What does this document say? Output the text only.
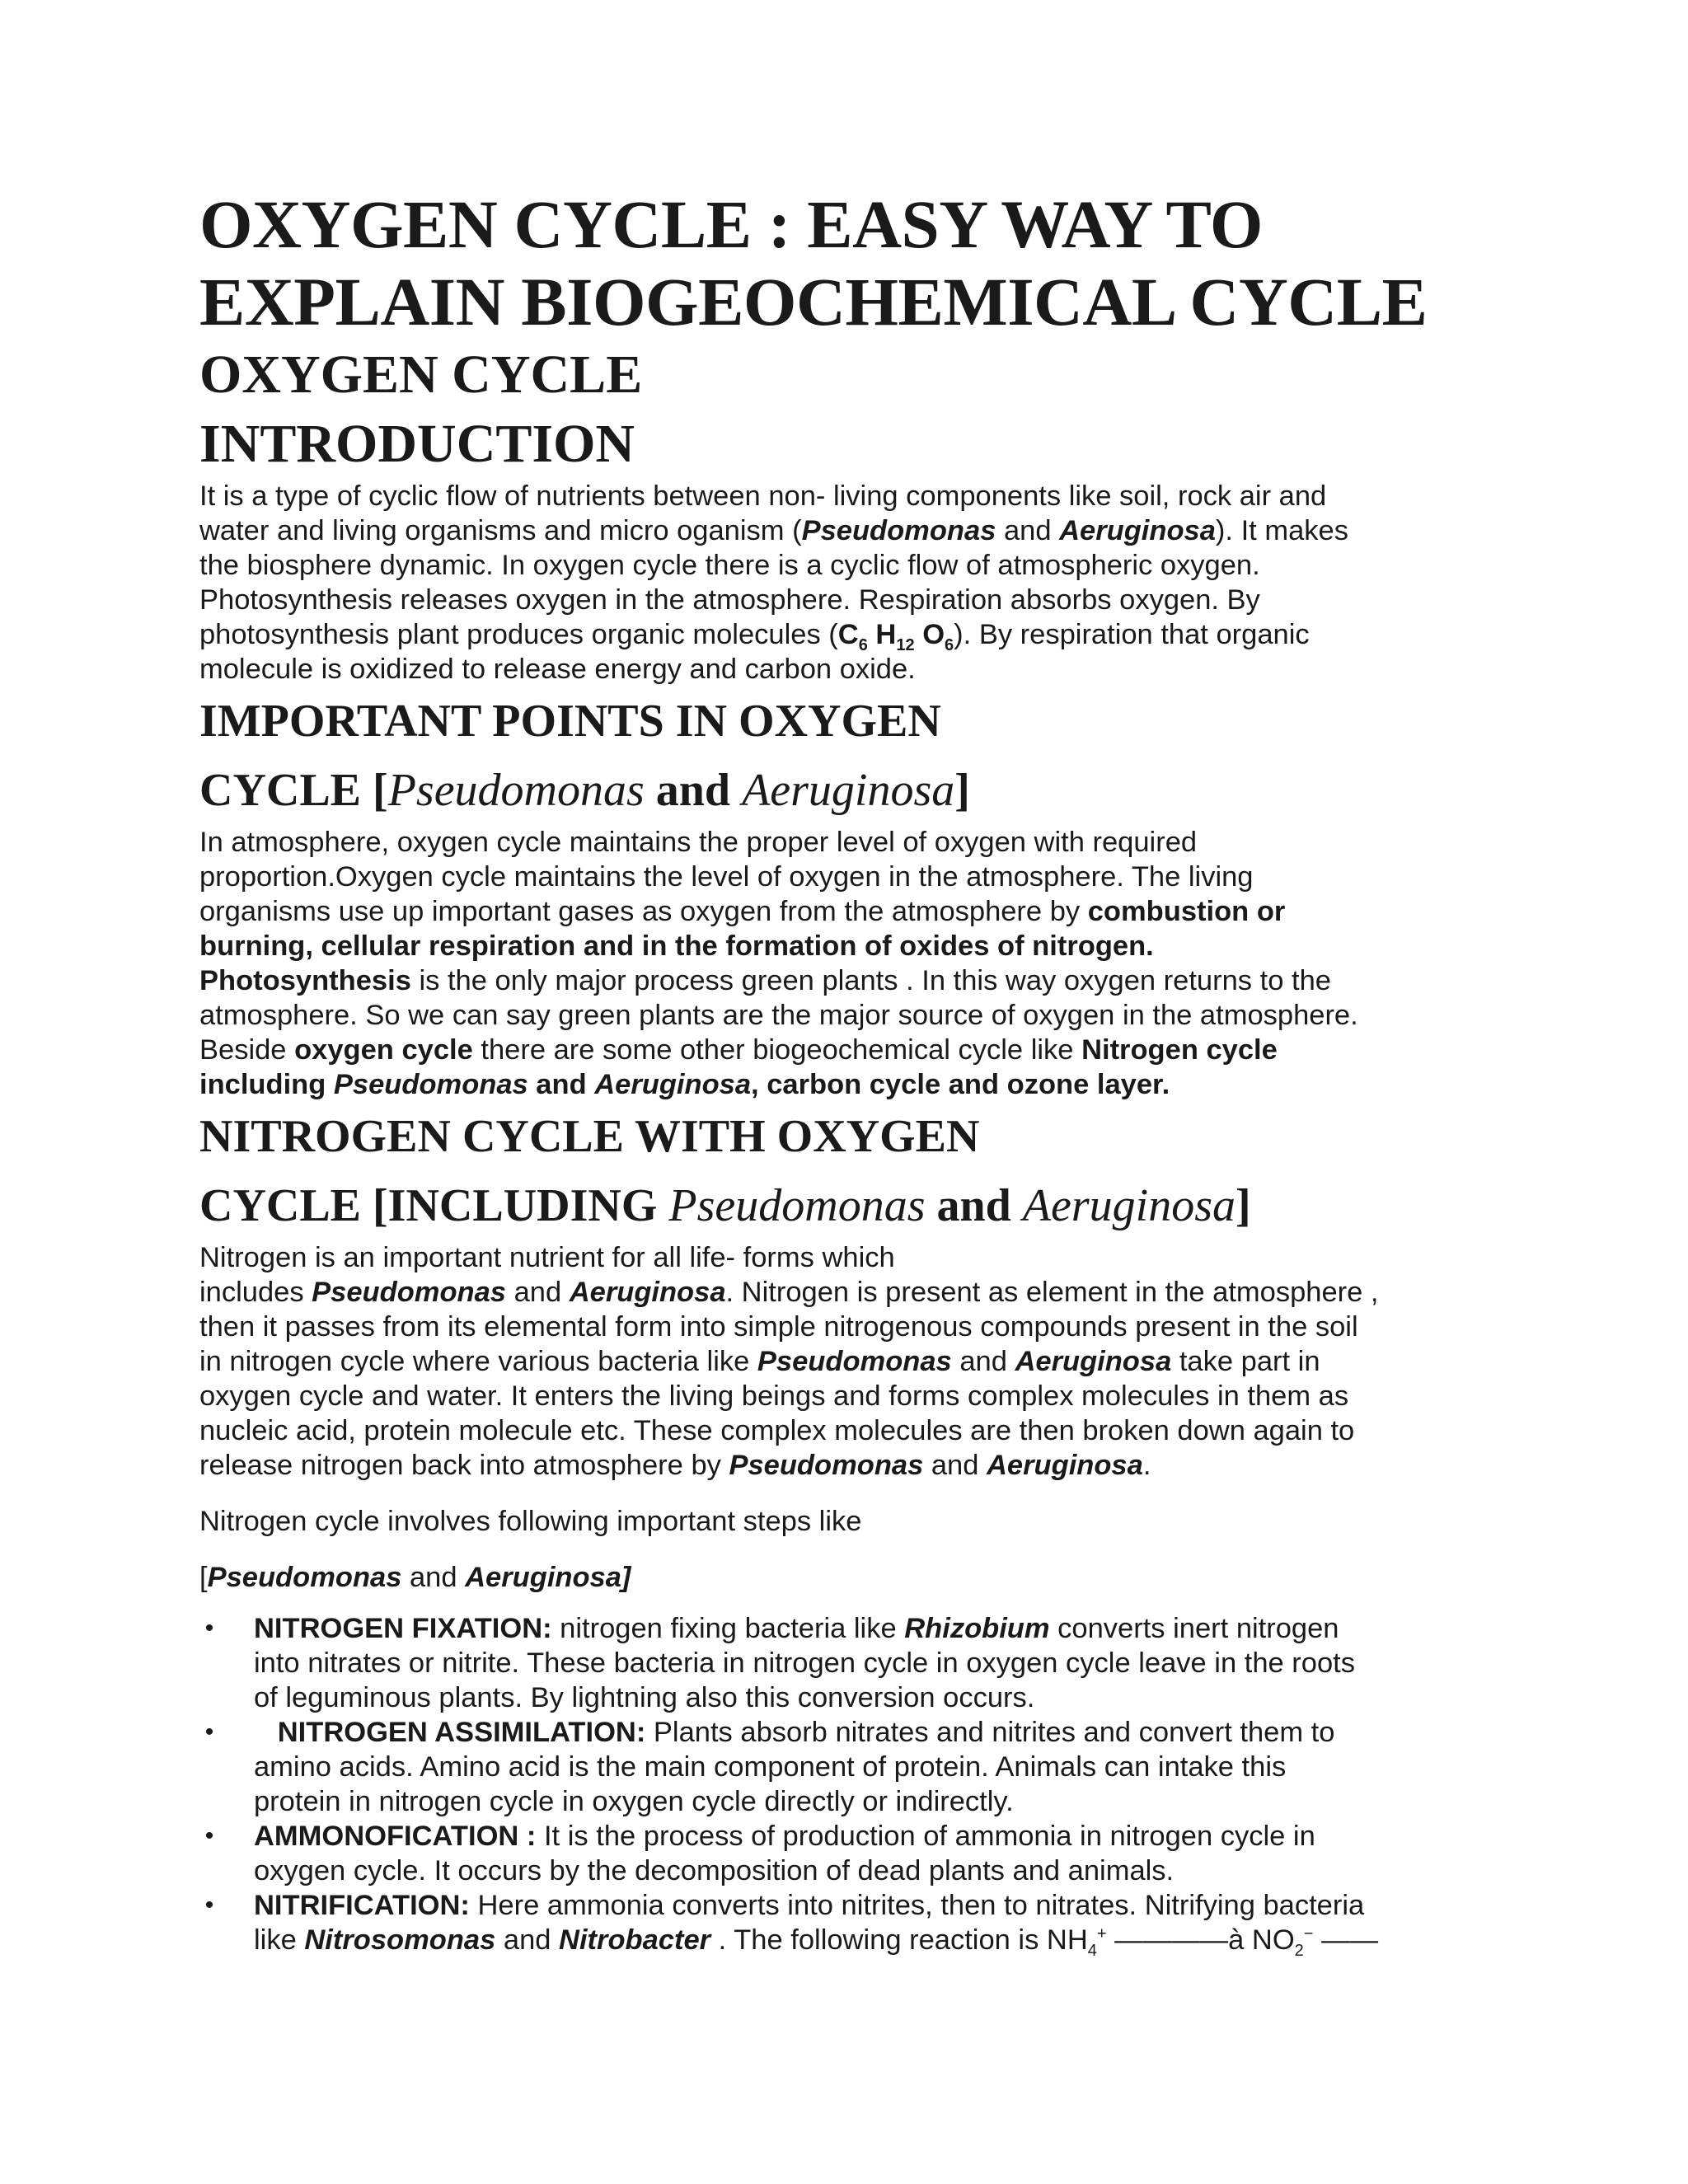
OXYGEN CYCLE : EASY WAY TO
EXPLAIN BIOGEOCHEMICAL CYCLE
OXYGEN CYCLE
INTRODUCTION
It is a type of cyclic flow of nutrients between non- living components like soil, rock air and
water and living organisms and micro oganism (Pseudomonas and Aeruginosa). It makes
the biosphere dynamic. In oxygen cycle there is a cyclic flow of atmospheric oxygen.
Photosynthesis releases oxygen in the atmosphere. Respiration absorbs oxygen. By
photosynthesis plant produces organic molecules ($C_6$ $H_{12}$ $O_6$). By respiration that organic
molecule is oxidized to release energy and carbon oxide.
IMPORTANT POINTS IN OXYGEN
CYCLE [Pseudomonas and Aeruginosa]
In atmosphere, oxygen cycle maintains the proper level of oxygen with required
proportion.Oxygen cycle maintains the level of oxygen in the atmosphere. The living
organisms use up important gases as oxygen from the atmosphere by combustion or
burning, cellular respiration and in the formation of oxides of nitrogen.
Photosynthesis is the only major process green plants . In this way oxygen returns to the
atmosphere. So we can say green plants are the major source of oxygen in the atmosphere.
Beside oxygen cycle there are some other biogeochemical cycle like Nitrogen cycle
including Pseudomonas and Aeruginosa, carbon cycle and ozone layer.
NITROGEN CYCLE WITH OXYGEN
CYCLE [INCLUDING Pseudomonas and Aeruginosa]
Nitrogen is an important nutrient for all life- forms which
includes Pseudomonas and Aeruginosa. Nitrogen is present as element in the atmosphere ,
then it passes from its elemental form into simple nitrogenous compounds present in the soil
in nitrogen cycle where various bacteria like Pseudomonas and Aeruginosa take part in
oxygen cycle and water. It enters the living beings and forms complex molecules in them as
nucleic acid, protein molecule etc. These complex molecules are then broken down again to
release nitrogen back into atmosphere by Pseudomonas and Aeruginosa.
Nitrogen cycle involves following important steps like
[Pseudomonas and Aeruginosa]
• NITROGEN FIXATION: nitrogen fixing bacteria like Rhizobium converts inert nitrogen
into nitrates or nitrite. These bacteria in nitrogen cycle in oxygen cycle leave in the roots
of leguminous plants. By lightning also this conversion occurs.
• NITROGEN ASSIMILATION: Plants absorb nitrates and nitrites and convert them to
amino acids. Amino acid is the main component of protein. Animals can intake this
protein in nitrogen cycle in oxygen cycle directly or indirectly.
• AMMONOFICATION : It is the process of production of ammonia in nitrogen cycle in
oxygen cycle. It occurs by the decomposition of dead plants and animals.
• NITRIFICATION: Here ammonia converts into nitrites, then to nitrates. Nitrifying bacteria
like Nitrosomonas and Nitrobacter . The following reaction is $NH_4^+$ ————à $NO_2^-$ ——
